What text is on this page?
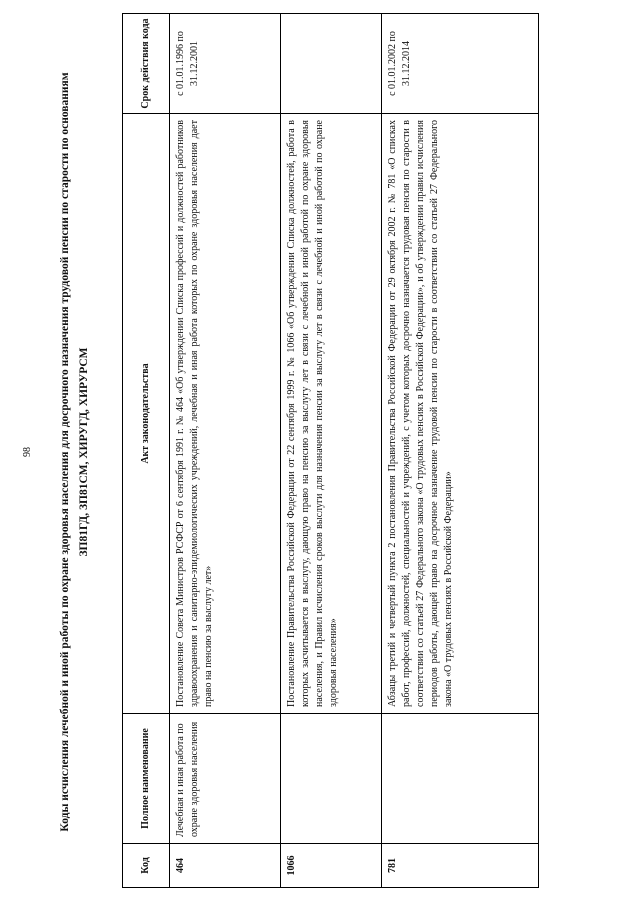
98 Коды исчисления лечебной и иной работы по охране здоровья населения для досрочного назначения трудовой пенсии по старости по основаниям ЗП81ГД, ЗП81СМ, ХИРУГД, ХИРУРСМ
Код	Полное наименование	Акт законодательства	Срок действия кода
464	Лечебная и иная работа по охране здоровья населения	Постановление Совета Министров РСФСР от 6 сентября 1991 г. № 464 «Об утверждении Списка профессий и должностей работников здравоохранения и санитарно-эпидемиологических учреждений, лечебная и иная работа которых по охране здоровья населения дает право на пенсию за выслугу лет»	с 01.01.1996 по 31.12.2001
1066		Постановление Правительства Российской Федерации от 22 сентября 1999 г. № 1066 «Об утверждении Списка должностей, работа в которых засчитывается в выслугу, дающую право на пенсию за выслугу лет в связи с лечебной и иной работой по охране здоровья населения, и Правил исчисления сроков выслуги для назначения пенсии за выслугу лет в связи с лечебной и иной работой по охране здоровья населения»	
781		Абзацы третий и четвертый пункта 2 постановления Правительства Российской Федерации от 29 октября 2002 г. № 781 «О списках работ, профессий, должностей, специальностей и учреждений, с учетом которых досрочно назначается трудовая пенсия по старости в соответствии со статьей 27 Федерального закона «О трудовых пенсиях в Российской Федерации», и об утверждении правил исчисления периодов работы, дающей право на досрочное назначение трудовой пенсии по старости в соответствии со статьей 27 Федерального закона «О трудовых пенсиях в Российской Федерации»	с 01.01.2002 по 31.12.2014
